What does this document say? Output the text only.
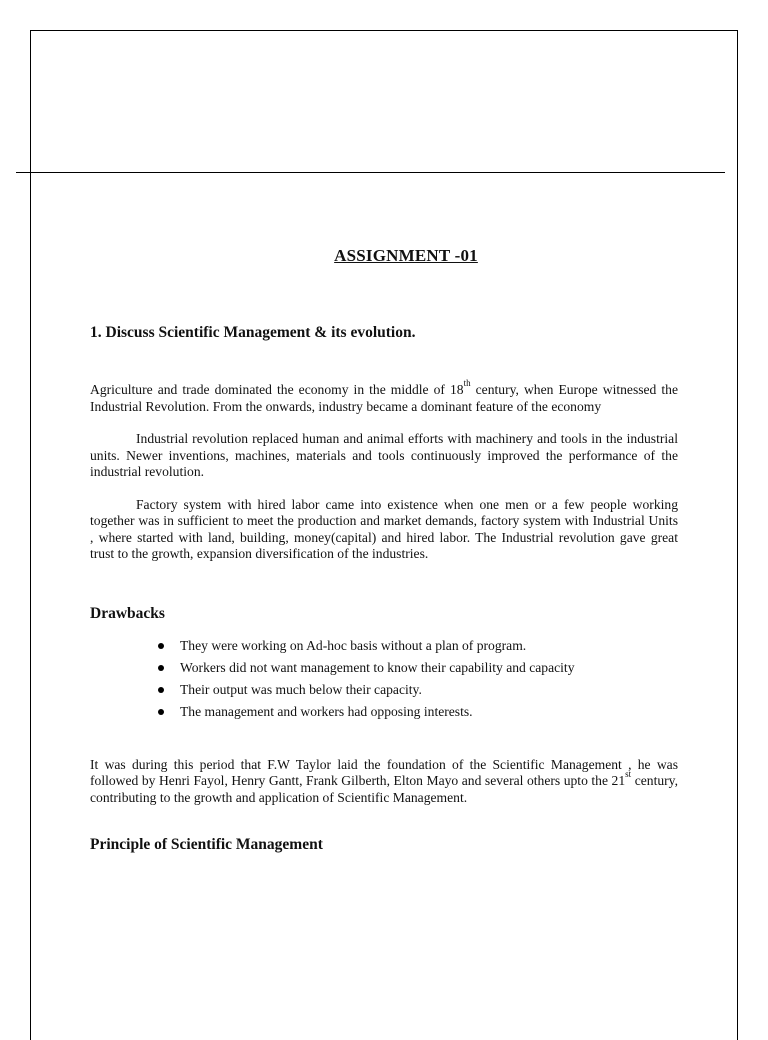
ASSIGNMENT -01
1. Discuss Scientific Management & its evolution.

Agriculture and trade dominated the economy in the middle of 18th century, when Europe witnessed the Industrial Revolution. From the onwards, industry became a dominant feature of the economy

Industrial revolution replaced human and animal efforts with machinery and tools in the industrial units. Newer inventions, machines, materials and tools continuously improved the performance of the industrial revolution.

Factory system with hired labor came into existence when one men or a few people working together was in sufficient to meet the production and market demands, factory system with Industrial Units , where started with land, building, money(capital) and hired labor. The Industrial revolution gave great trust to the growth, expansion diversification of the industries.

Drawbacks
They were working on Ad-hoc basis without a plan of program.
Workers did not want management to know their capability and capacity
Their output was much below their capacity.
The management and workers had opposing interests.

It was during this period that F.W Taylor laid the foundation of the Scientific Management , he was followed by Henri Fayol, Henry Gantt, Frank Gilberth, Elton Mayo and several others upto the 21st century, contributing to the growth and application of Scientific Management.

Principle of Scientific Management
